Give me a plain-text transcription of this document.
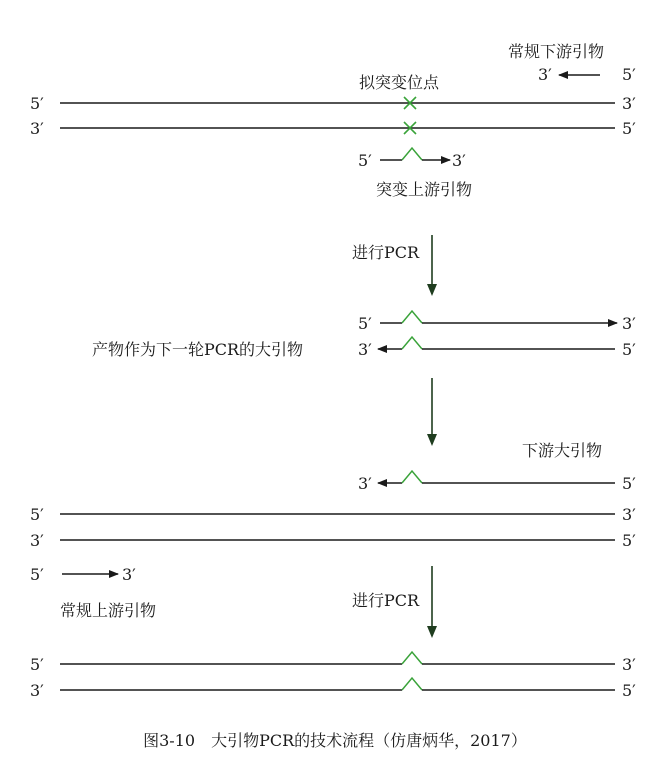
常规下游引物
3′	5′
拟突变位点
5′	3′
3′	5′
5′	3′
突变上游引物
进行PCR
5′	3′
产物作为下一轮PCR的大引物	3′	5′
下游大引物
3′	5′
5′	3′
3′	5′
5′	3′
常规上游引物
进行PCR
5′	3′
3′	5′
图3-10　大引物PCR的技术流程（仿唐炳华，2017）
